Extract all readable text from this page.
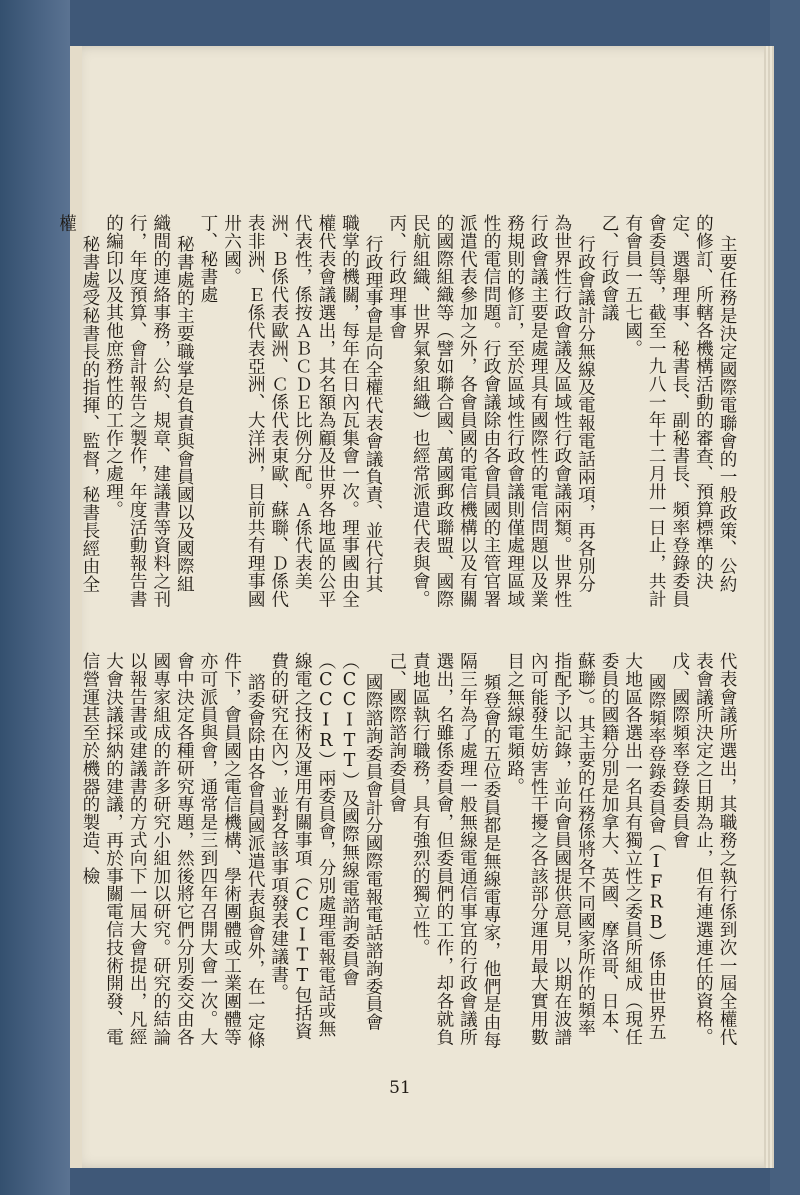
主要任務是決定國際電聯會的一般政策、公約的修訂、所轄各機構活動的審查、預算標準的決定、選舉理事、秘書長、副秘書長、頻率登錄委員會委員等，截至一九八一年十二月卅一日止，共計有會員一五七國。

乙、行政會議

行政會議計分無線及電報電話兩項，再各別分為世界性行政會議及區域性行政會議兩類。世界性行政會議主要是處理具有國際性的電信問題以及業務規則的修訂，至於區域性行政會議則僅處理區域性的電信問題。行政會議除由各會員國的主管官署派遣代表參加之外，各會員國的電信機構以及有關的國際組織等（譬如聯合國、萬國郵政聯盟、國際民航組織、世界氣象組織）也經常派遣代表與會。

丙、行政理事會

行政理事會是向全權代表會議負責、並代行其職掌的機關，每年在日內瓦集會一次。理事國由全權代表會議選出，其名額為顧及世界各地區的公平代表性，係按ＡＢＣＤＥ比例分配。Ａ係代表美洲、Ｂ係代表歐洲、Ｃ係代表東歐、蘇聯、Ｄ係代表非洲、Ｅ係代表亞洲、大洋洲，目前共有理事國卅六國。

丁、秘書處

秘書處的主要職掌是負責與會員國以及國際組織間的連絡事務，公約、規章、建議書等資料之刊行，年度預算、會計報告之製作，年度活動報告書的編印以及其他庶務性的工作之處理。

秘書處受秘書長的指揮、監督，秘書長經由全權

代表會議所選出，其職務之執行係到次一屆全權代表會議所決定之日期為止，但有連選連任的資格。

戊、國際頻率登錄委員會

國際頻率登錄委員會（IFRB）係由世界五大地區各選出一名具有獨立性之委員所組成（現任委員的國籍分別是加拿大、英國、摩洛哥、日本、蘇聯）。其主要的任務係將各不同國家所作的頻率指配予以記錄，並向會員國提供意見，以期在波譜內可能發生妨害性干擾之各該部分運用最大實用數目之無線電頻路。

頻登會的五位委員都是無線電專家，他們是由每隔三年為了處理一般無線電通信事宜的行政會議所選出，名雖係委員會，但委員們的工作，却各就負責地區執行職務，具有強烈的獨立性。

己、國際諮詢委員會

國際諮詢委員會計分國際電報電話諮詢委員會（CCITT）及國際無線電諮詢委員會（CCIR）兩委員會，分別處理電報電話或無線電之技術及運用有關事項（CCITT包括資費的研究在內），並對各該事項發表建議書。

諮委會除由各會員國派遣代表與會外，在一定條件下，會員國之電信機構、學術團體或工業團體等亦可派員與會，通常是三到四年召開大會一次。大會中決定各種研究專題，然後將它們分別委交由各國專家組成的許多研究小組加以研究。研究的結論以報告書或建議書的方式向下一屆大會提出，凡經大會決議採納的建議，再於事關電信技術開發、電信營運甚至於機器的製造、檢

51
